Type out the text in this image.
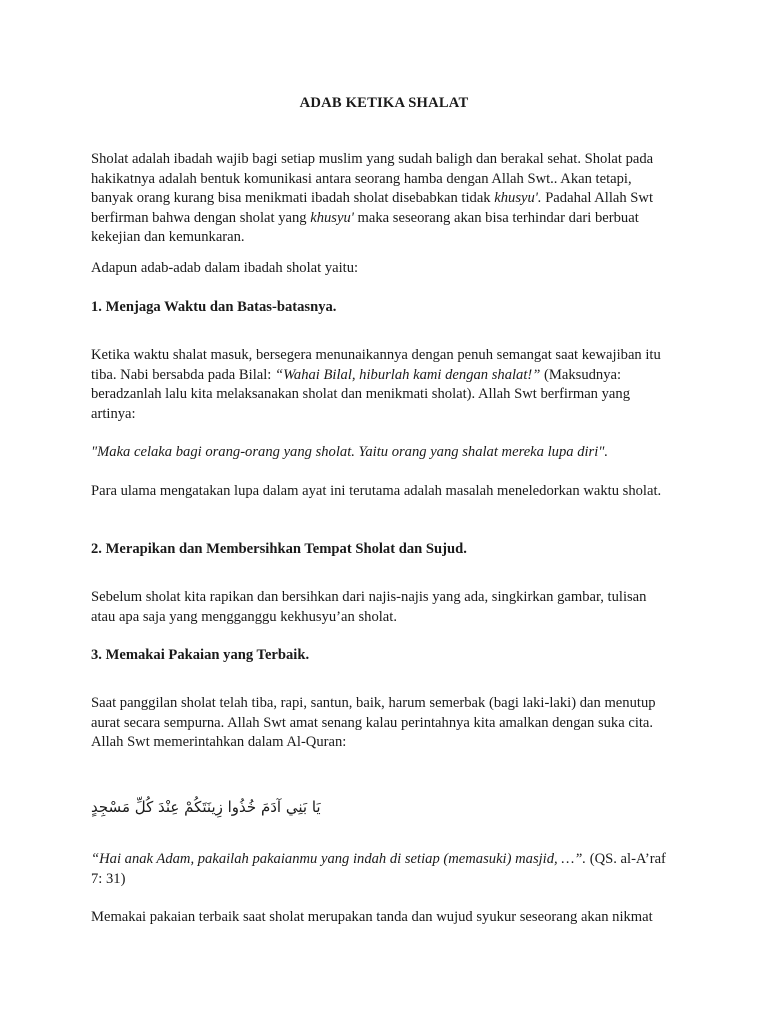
ADAB KETIKA SHALAT

Sholat adalah ibadah wajib bagi setiap muslim yang sudah baligh dan berakal sehat. Sholat pada hakikatnya adalah bentuk komunikasi antara seorang hamba dengan Allah Swt.. Akan tetapi, banyak orang kurang bisa menikmati ibadah sholat disebabkan tidak khusyu'. Padahal Allah Swt berfirman bahwa dengan sholat yang khusyu' maka seseorang akan bisa terhindar dari berbuat kekejian dan kemunkaran.

Adapun adab-adab dalam ibadah sholat yaitu:

1. Menjaga Waktu dan Batas-batasnya.

Ketika waktu shalat masuk, bersegera menunaikannya dengan penuh semangat saat kewajiban itu tiba. Nabi bersabda pada Bilal: “Wahai Bilal, hiburlah kami dengan shalat!” (Maksudnya: beradzanlah lalu kita melaksanakan sholat dan menikmati sholat). Allah Swt berfirman yang artinya:

"Maka celaka bagi orang-orang yang sholat. Yaitu orang yang shalat mereka lupa diri".

Para ulama mengatakan lupa dalam ayat ini terutama adalah masalah meneledorkan waktu sholat.

2. Merapikan dan Membersihkan Tempat Sholat dan Sujud.

Sebelum sholat kita rapikan dan bersihkan dari najis-najis yang ada, singkirkan gambar, tulisan atau apa saja yang mengganggu kekhusyu’an sholat.

3. Memakai Pakaian yang Terbaik.

Saat panggilan sholat telah tiba, rapi, santun, baik, harum semerbak (bagi laki-laki) dan menutup aurat secara sempurna. Allah Swt amat senang kalau perintahnya kita amalkan dengan suka cita. Allah Swt memerintahkan dalam Al-Quran:

يَا بَنِي آدَمَ خُذُوا زِينَتَكُمْ عِنْدَ كُلِّ مَسْجِدٍ

“Hai anak Adam, pakailah pakaianmu yang indah di setiap (memasuki) masjid, …”. (QS. al-A’raf 7: 31)

Memakai pakaian terbaik saat sholat merupakan tanda dan wujud syukur seseorang akan nikmat
